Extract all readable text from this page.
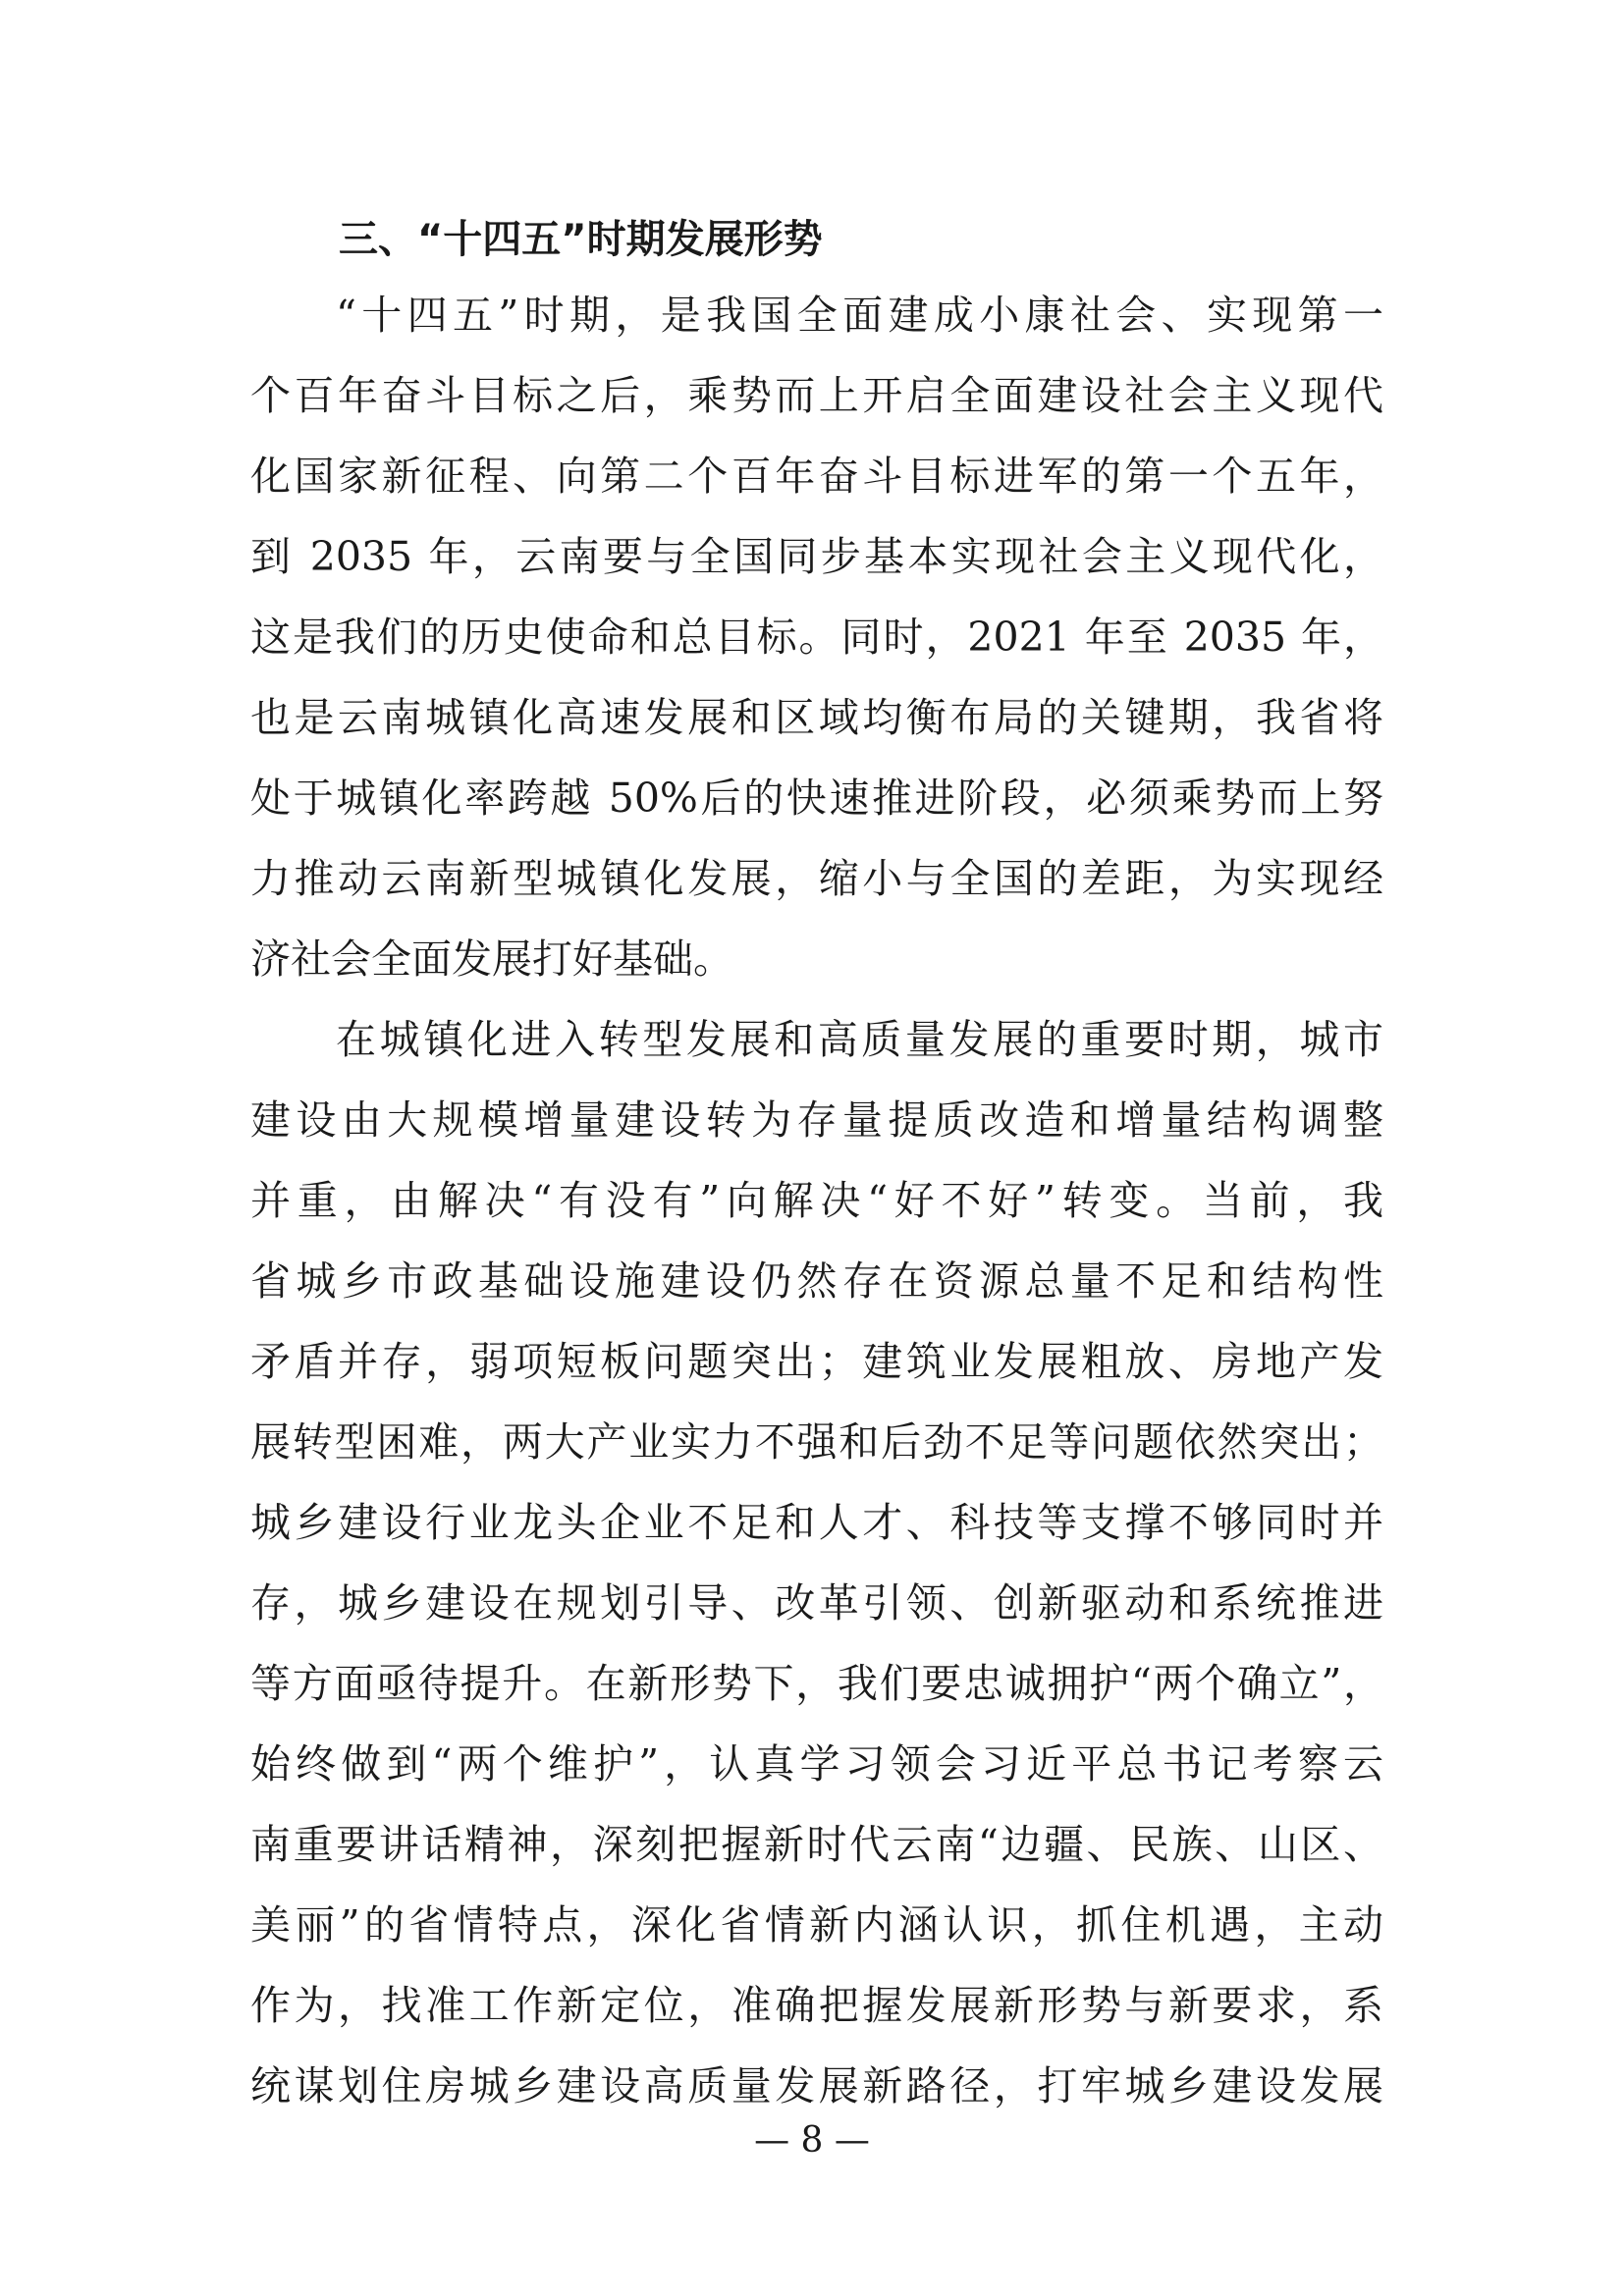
三、“十四五”时期发展形势
“十四五”时期，是我国全面建成小康社会、实现第一
个百年奋斗目标之后，乘势而上开启全面建设社会主义现代
化国家新征程、向第二个百年奋斗目标进军的第一个五年，
到 2035 年，云南要与全国同步基本实现社会主义现代化，
这是我们的历史使命和总目标。同时，2021 年至 2035 年，
也是云南城镇化高速发展和区域均衡布局的关键期，我省将
处于城镇化率跨越 50%后的快速推进阶段，必须乘势而上努
力推动云南新型城镇化发展，缩小与全国的差距，为实现经
济社会全面发展打好基础。
在城镇化进入转型发展和高质量发展的重要时期，城市
建设由大规模增量建设转为存量提质改造和增量结构调整
并重，由解决“有没有”向解决“好不好”转变。当前，我
省城乡市政基础设施建设仍然存在资源总量不足和结构性
矛盾并存，弱项短板问题突出；建筑业发展粗放、房地产发
展转型困难，两大产业实力不强和后劲不足等问题依然突出；
城乡建设行业龙头企业不足和人才、科技等支撑不够同时并
存，城乡建设在规划引导、改革引领、创新驱动和系统推进
等方面亟待提升。在新形势下，我们要忠诚拥护“两个确立”，
始终做到“两个维护”，认真学习领会习近平总书记考察云
南重要讲话精神，深刻把握新时代云南“边疆、民族、山区、
美丽”的省情特点，深化省情新内涵认识，抓住机遇，主动
作为，找准工作新定位，准确把握发展新形势与新要求，系
统谋划住房城乡建设高质量发展新路径，打牢城乡建设发展
— 8 —
